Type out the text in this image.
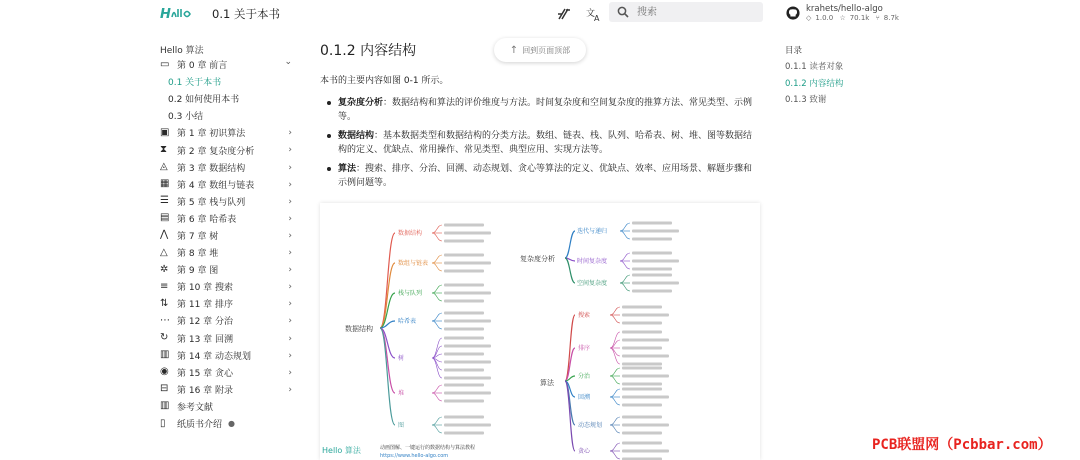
H	0.1 关于本书	文
A
搜索
krahets/hello-algo
◇ 1.0.0 ☆ 70.1k ⑂ 8.7k
Hello 算法
▭ 第 0 章 前言	⌄
0.1 关于本书
0.2 如何使用本书
0.3 小结
▣ 第 1 章 初识算法	›
⧗	第 2 章 复杂度分析	›
◬	第 3 章 数据结构	›
▦ 第 4 章 数组与链表	›
☰ 第 5 章 栈与队列	›
▤ 第 6 章 哈希表	›
⋀ 第 7 章 树	›
△	第 8 章 堆	›
✲ 第 9 章 图	›
≡ 第 10 章 搜索	›
⇅ 第 11 章 排序	›
⋯ 第 12 章 分治	›
↻ 第 13 章 回溯	›
▥ 第 14 章 动态规划	›
◉ 第 15 章 贪心	›
⊟ 第 16 章 附录	›
▥ 参考文献
▯	纸质书介绍 ●
0.1.2 内容结构	↑ 回到页面顶部
本书的主要内容如图 0-1 所示。
复杂度分析：数据结构和算法的评价维度与方法。时间复杂度和空间复杂度的推算方法、常见类型、示例等。
数据结构：基本数据类型和数据结构的分类方法。数组、链表、栈、队列、哈希表、树、堆、图等数据结构的定义、优缺点、常用操作、常见类型、典型应用、实现方法等。
算法：搜索、排序、分治、回溯、动态规划、贪心等算法的定义、优缺点、效率、应用场景、解题步骤和示例问题等。
数据结构
数据结构
数组与链表
栈与队列
哈希表
树
堆
图
复杂度分析
迭代与递归
时间复杂度
空间复杂度
算法
搜索
排序
分治
回溯
动态规划
贪心
Hello 算法	动画图解、一键运行的数据结构与算法教程
https://www.hello-algo.com
目录
0.1.1 读者对象
0.1.2 内容结构
0.1.3 致谢
PCB联盟网（Pcbbar.com）
